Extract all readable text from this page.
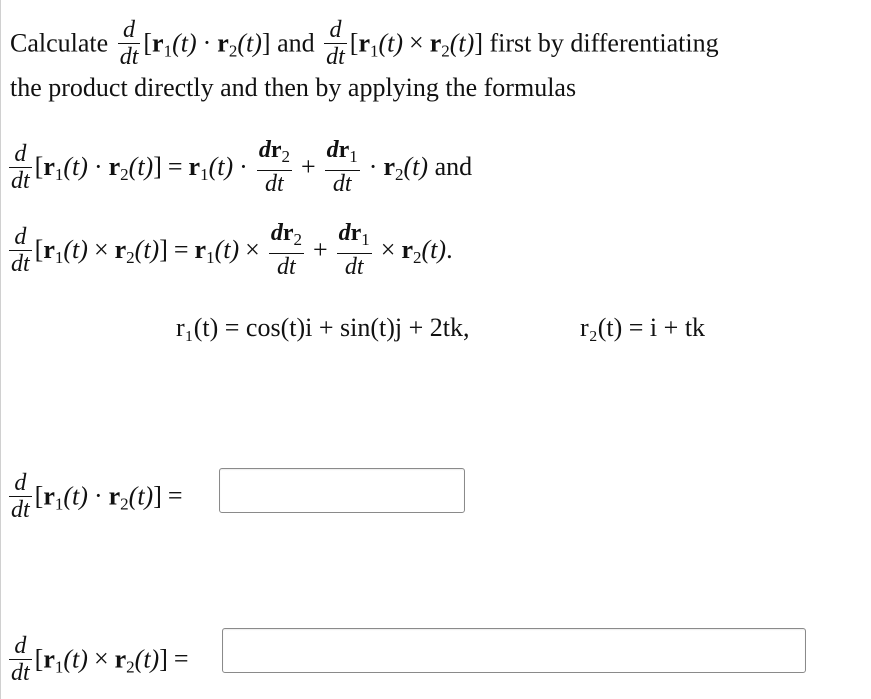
Calculate $\frac{d}{dt} [r_1(t) \cdot r_2(t)]$ and $\frac{d}{dt} [r_1(t) \times r_2(t)]$ first by differentiating
the product directly and then by applying the formulas
$\frac{d}{dt} [r_1(t) \cdot r_2(t)] = r_1(t) \cdot \frac{dr_2}{dt} + \frac{dr_1}{dt} \cdot r_2(t)$ and
$\frac{d}{dt} [r_1(t) \times r_2(t)] = r_1(t) \times \frac{dr_2}{dt} + \frac{dr_1}{dt} \times r_2(t)$.
r₁(t) = cos(t)i + sin(t)j + 2tk,	r₂(t) = i + tk
$\frac{d}{dt} [r_1(t) \cdot r_2(t)]$ =
$\frac{d}{dt} [r_1(t) \times r_2(t)]$ =
